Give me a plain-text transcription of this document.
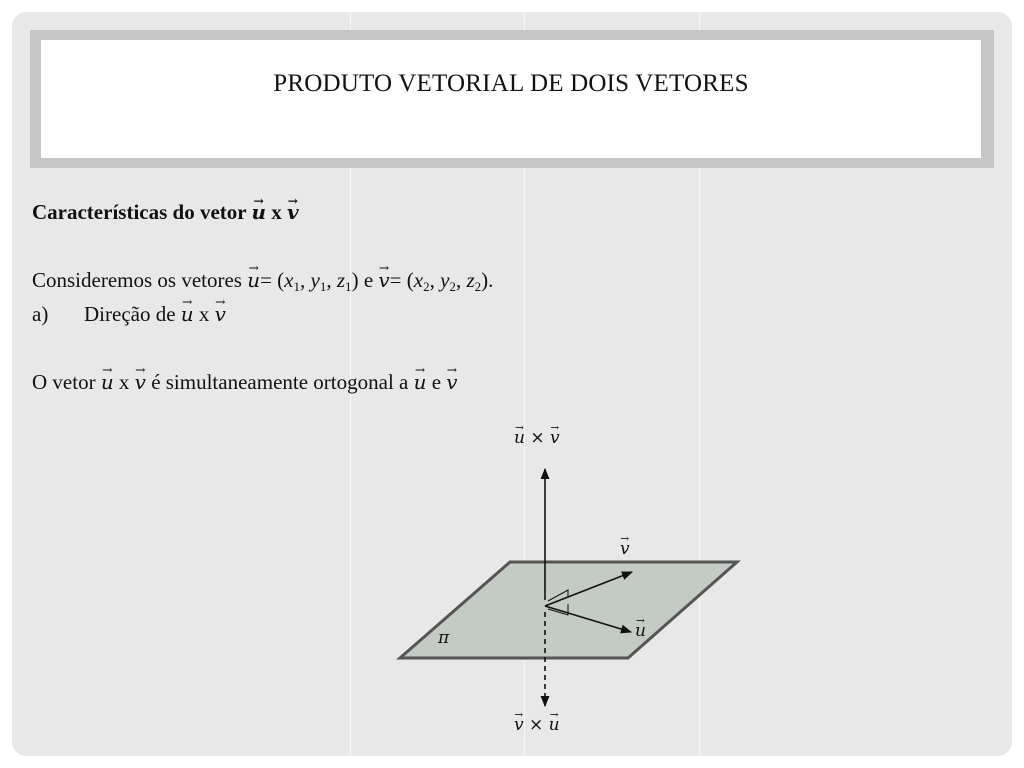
PRODUTO VETORIAL DE DOIS VETORES
Características do vetor → u x → v
Consideremos os vetores → $u= (x_1$, $y_1$, $z_1$) $e \to v= (x_2$, $y_2$, $z_2$).
a) Direção de → u x → v
O vetor → u x → v é simultaneamente ortogonal a → u e → v
→ u × → v
→ v
→ u
π
→ v × → u
